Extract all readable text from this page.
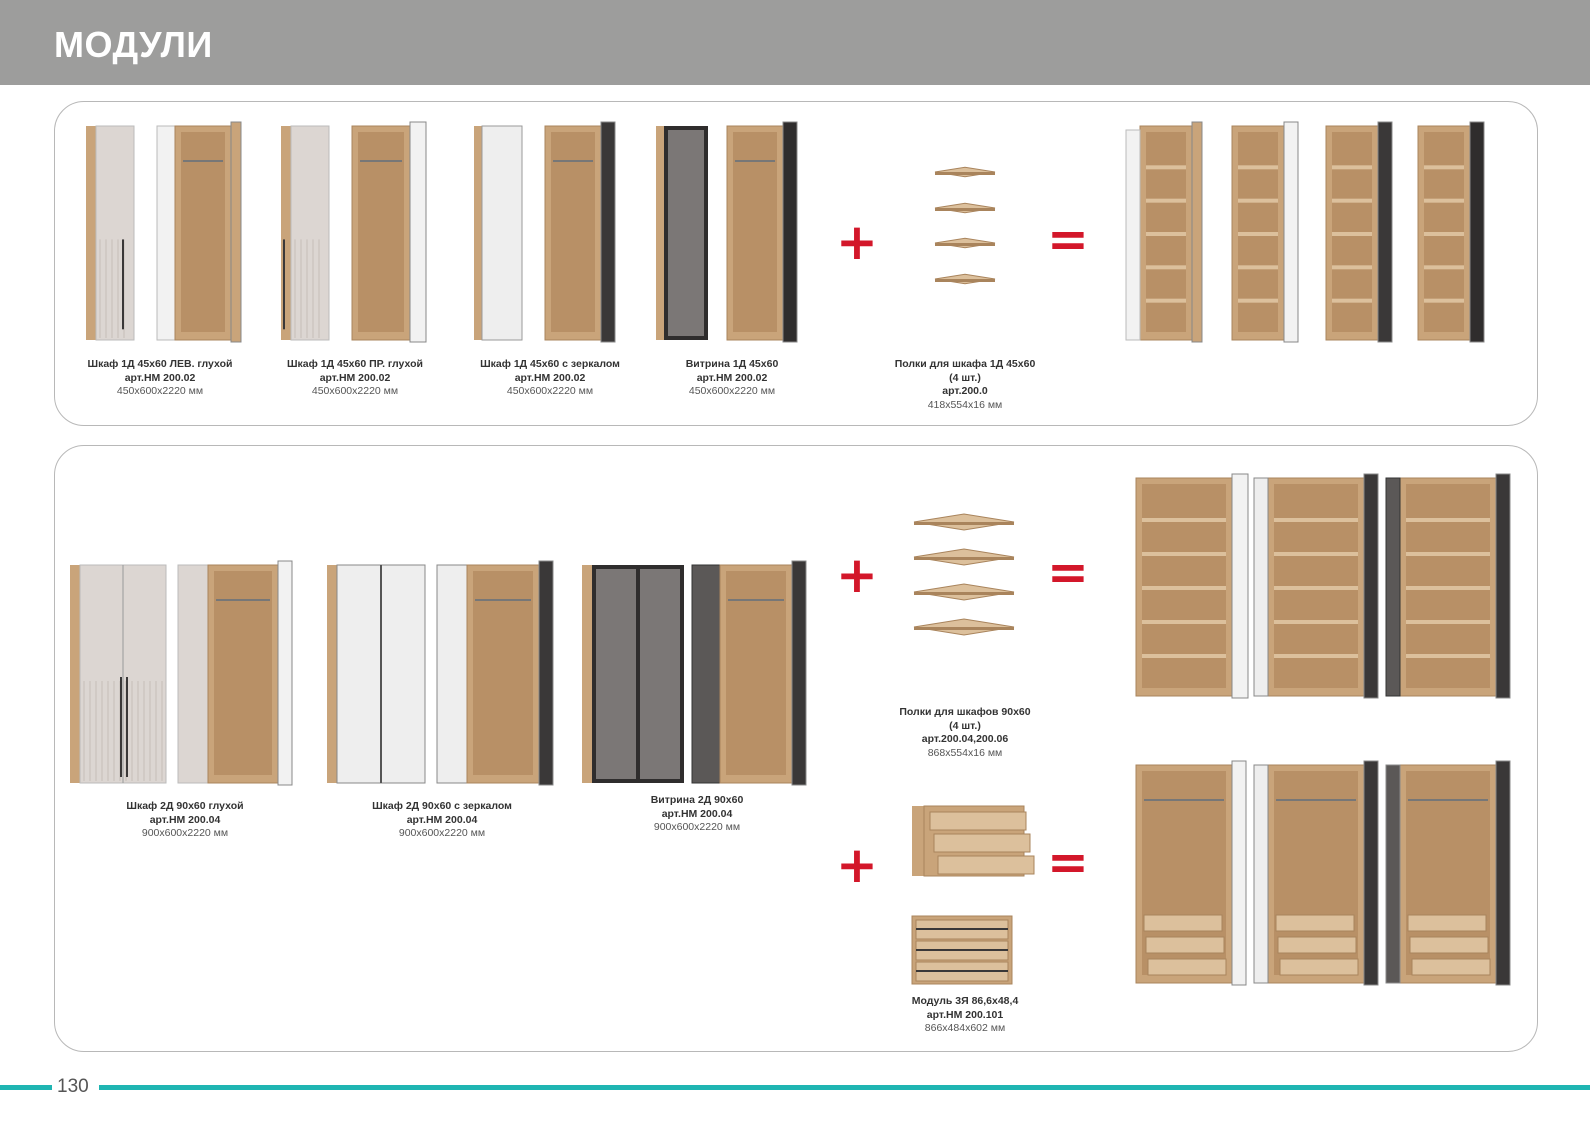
МОДУЛИ
+	=
Шкаф 1Д 45х60 ЛЕВ. глухой
арт.НМ 200.02
450х600х2220 мм
Шкаф 1Д 45х60 ПР. глухой
арт.НМ 200.02
450х600х2220 мм
Шкаф 1Д 45х60 с зеркалом
арт.НМ 200.02
450х600х2220 мм
Витрина 1Д 45х60
арт.НМ 200.02
450х600х2220 мм
Полки для шкафа 1Д 45х60
(4 шт.)
арт.200.0
418х554х16 мм
+	=
+	=
Шкаф 2Д 90х60 глухой
арт.НМ 200.04
900х600х2220 мм
Шкаф 2Д 90х60 с зеркалом
арт.НМ 200.04
900х600х2220 мм
Витрина 2Д 90х60
арт.НМ 200.04
900х600х2220 мм
Полки для шкафов 90х60
(4 шт.)
арт.200.04,200.06
868х554х16 мм
Модуль 3Я 86,6х48,4
арт.НМ 200.101
866х484х602 мм
130
